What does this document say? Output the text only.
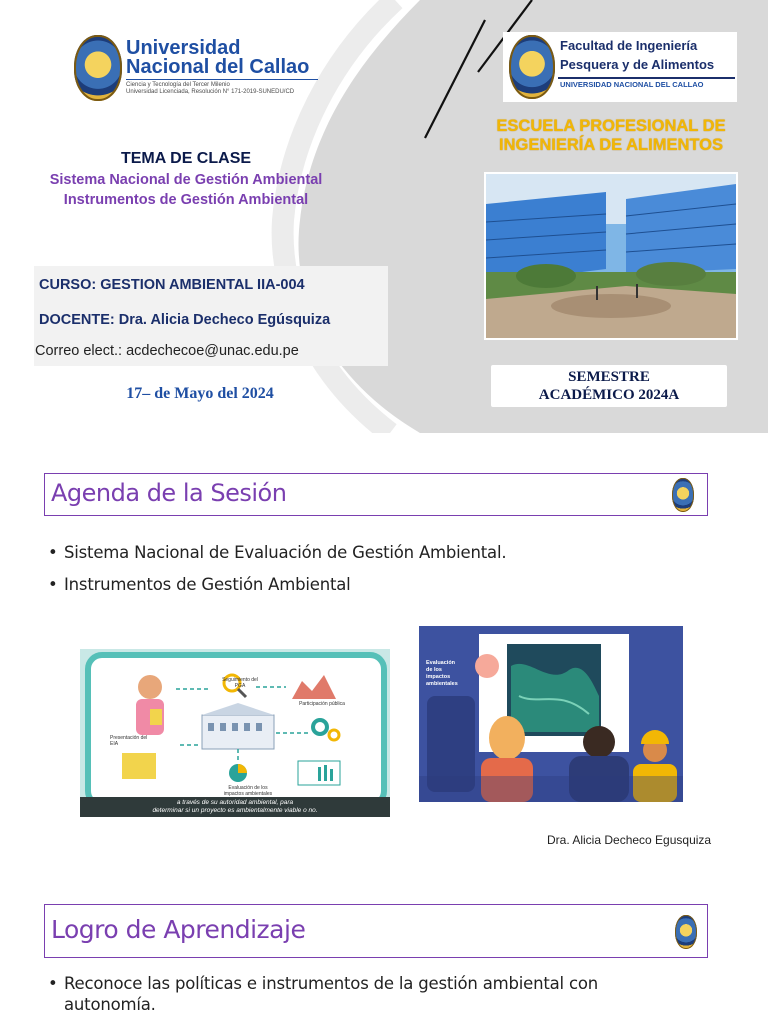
Universidad
Nacional del Callao
Ciencia y Tecnología del Tercer Milenio
Universidad Licenciada, Resolución N° 171-2019-SUNEDU/CD
Facultad de Ingeniería
Pesquera y de Alimentos
UNIVERSIDAD NACIONAL DEL CALLAO
ESCUELA PROFESIONAL DE
INGENIERÍA DE ALIMENTOS
TEMA DE CLASE
Sistema Nacional de Gestión Ambiental
Instrumentos de Gestión Ambiental
CURSO: GESTION AMBIENTAL IIA-004
DOCENTE: Dra. Alicia Decheco Egúsquiza
Correo elect.: acdechecoe@unac.edu.pe
17– de Mayo del 2024
SEMESTRE
ACADÉMICO 2024A
Agenda de la Sesión
• Sistema Nacional de Evaluación de Gestión Ambiental.
• Instrumentos de Gestión Ambiental
Seguimiento del PGA
Participación pública
Presentación del EIA
Evaluación de los impactos ambientales
a través de su autoridad ambiental, para
determinar si un proyecto es ambientalmente viable o no.
Evaluación
de los
impactos
ambientales
Dra. Alicia Decheco Egusquiza
Logro de Aprendizaje
• Reconoce las políticas e instrumentos de la gestión ambiental con
autonomía.
